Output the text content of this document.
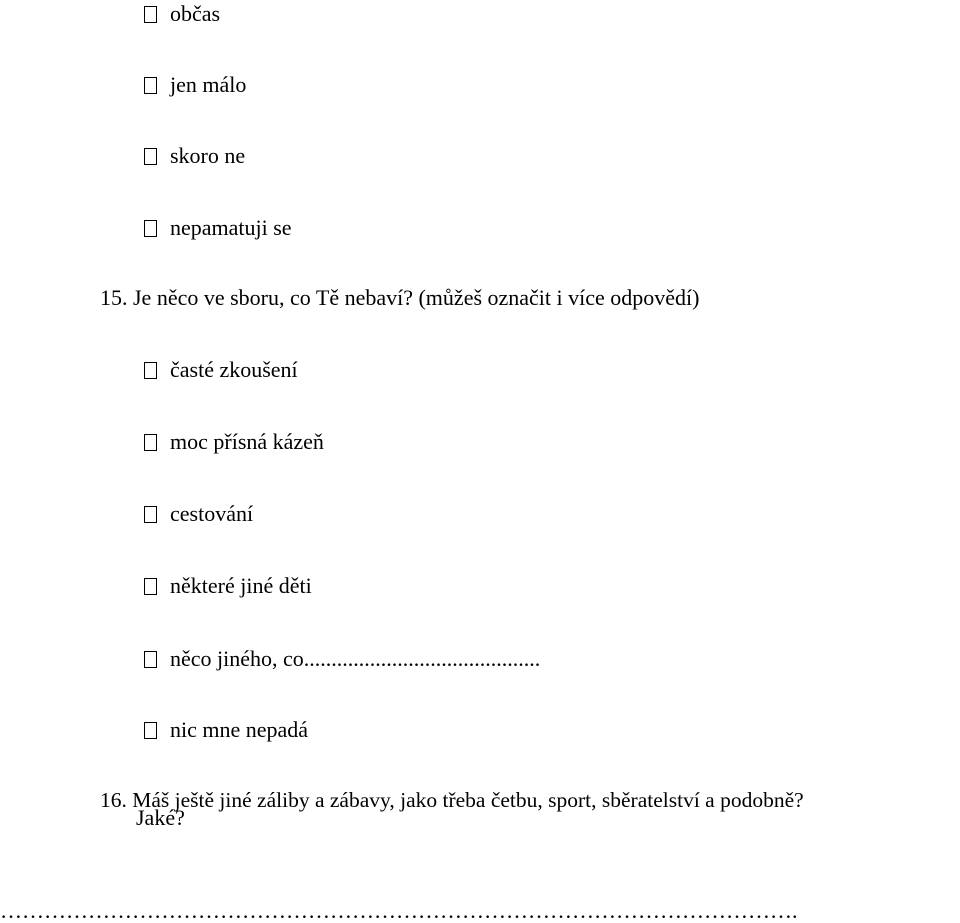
občas
jen málo
skoro ne
nepamatuji se
15. Je něco ve sboru, co Tě nebaví? (můžeš označit i více odpovědí)
časté zkoušení
moc přísná kázeň
cestování
některé jiné děti
něco jiného, co...........................................
nic mne nepadá
16. Máš ještě jiné záliby a zábavy, jako třeba četbu, sport, sběratelství a podobně?
Jaké?
……………………………………………………………………………………………….
